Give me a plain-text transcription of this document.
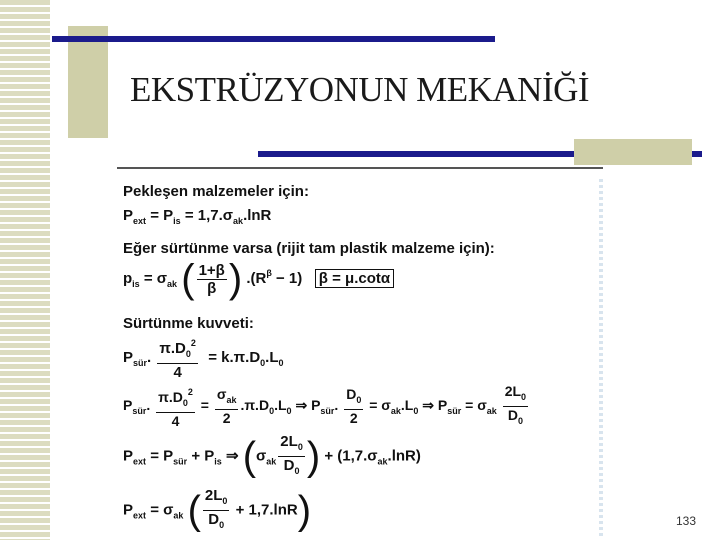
EKSTRÜZYONUN MEKANİĞİ
Pekleşen malzemeler için:
$P_{ext} = P_{is} = 1,7.\sigma_{ak}.\ln R$
Eğer sürtünme varsa (rijit tam plastik malzeme için):
$p_{is} = \sigma_{ak}$ ( $\frac{1+\beta}{\beta}$ ) $.(R^\beta - 1) \beta = \mu.\cot\alpha$
Sürtünme kuvveti:
$P_{sür}$. $\frac{\pi.D_0^2}{4} = k.\pi.D_0.L_0$
$P_{sür}$. $\frac{\pi.D_0^2}{4} = \frac{\sigma_{ak}}{2} .\pi.D_0.L_0$ ⇒ $P_{sür}$. $\frac{D_0}{2} = \sigma_{ak}.L_0$ ⇒ $P_{sür} = \sigma_{ak} \frac{2L_0}{D_0}$
$P_{ext} = P_{sür} + P_{is}$ ⇒ ($\sigma_{ak} \frac{2L_0}{D_0}$ ) + $(1,7.\sigma_{ak}.\ln R)$
$P_{ext} = \sigma_{ak}$ ( $\frac{2L_0}{D_0} + 1,7.\ln R$)	133
